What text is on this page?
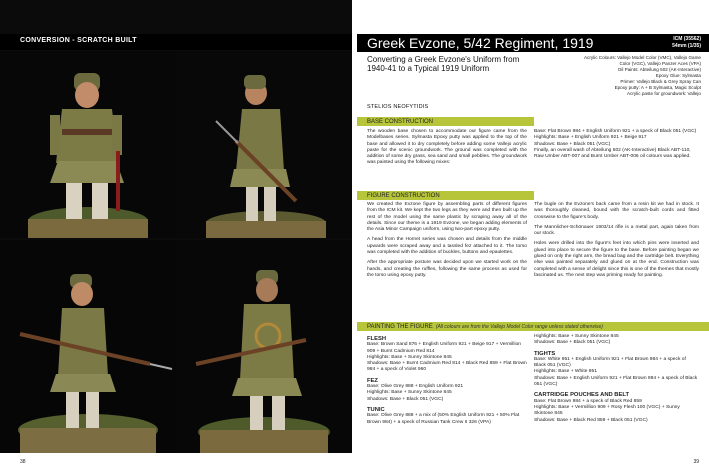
CONVERSION - SCRATCH BUILT
38
Greek Evzone, 5/42 Regiment, 1919	ICM (35562)
54mm (1/35)
Converting a Greek Evzone's Uniform from 1940-41 to a Typical 1919 Uniform
STELIOS NEOFYTIDIS
Acrylic Colours: Vallejo Model Color (VMC), Vallejo Game
Color (VGC), Vallejo Panzer Aces (VPA)
Oil Paints: Abteilung 502 (AK-Interactive)
Epoxy Glue: Sylmasta
Primer: Vallejo Black & Grey Spray Can
Epoxy putty: A + B Sylmasta, Magic Sculpt
Acrylic paste for groundwork: Vallejo
BASE CONSTRUCTION
The wooden base chosen to accommodate our figure came from the Modelbases series. Sylmasta Epoxy putty was applied to the top of the base and allowed it to dry completely before adding some Vallejo acrylic paste for the scenic groundwork. The ground was completed with the addition of some dry grass, sea sand and small pebbles. The groundwork was painted using the following mixes:
Base: Flat Brown 984 + English Uniform 921 + a speck of Black 051 (VGC)
Highlights: Base + English Uniform 921 + Beige 917
Shadows: Base + Black 051 (VGC)
Finally, an overall wash of Abteilung 502 (AK-Interactive) Black ABT-110, Raw Umber ABT-007 and Burnt Umber ABT-006 oil colours was applied.
FIGURE CONSTRUCTION

We created the Evzone figure by assembling parts of different figures from the ICM kit. We kept the two legs as they were and then built up the rest of the model using the same plastic by scraping away all of the details. Since our theme is a 1919 Evzone, we began adding elements of the Asia Minor Campaign uniform, using two-part epoxy putty.

A head from the Hornet series was chosen and details from the middle upwards were scraped away and a tassled fez attached to it. The torso was completed with the addition of buckles, buttons and epaulettes.

After the appropriate posture was decided upon we started work on the hands, and creating the ruffles, following the same process as used for the torso using epoxy putty.

The bugle on the Evzone's back came from a resin kit we had in stock. It was thoroughly cleaned, bound with the scratch-built cords and fitted crosswise to the figure's body.

The Mannlicher-Schönauer 1903/14 rifle is a metal part, again taken from our stock.

Holes were drilled into the figure's feet into which pins were inserted and glued into place to secure the figure to the base. Before painting began we glued on only the right arm, the bread bag and the cartridge belt. Everything else was painted separately and glued on at the end. Construction was completed with a sense of delight since this is one of the themes that mostly fascinated us. The next step was priming ready for painting.

PAINTING THE FIGURE (All colours are from the Vallejo Model Color range unless stated otherwise)
FLESH
Base: Brown Sand 876 + English Uniform 921 + Beige 917 + Vermillion 909 + Burnt Cadmium Red 814
Highlights: Base + Sunny Skintone 845
Shadows: Base + Burnt Cadmium Red 814 + Black Red 859 + Flat Brown 984 + a speck of Violet 960
FEZ
Base: Olive Grey 888 + English Uniform 921
Highlights: Base + Sunny Skintone 845
Shadows: Base + Black 051 (VGC)
TUNIC
Base: Olive Grey 888 + a mix of (50% English Uniform 921 + 50% Flat Brown 984) + a speck of Russian Tank Crew II 326 (VPA)
Highlights: Base + Sunny Skintone 845
Shadows: Base + Black 051 (VGC)
TIGHTS
Base: White 951 + English Uniform 921 + Flat Brown 984 + a speck of Black 051 (VGC)
Highlights: Base + White 951
Shadows: Base + English Uniform 921 + Flat Brown 984 + a speck of Black 051 (VGC)
CARTRIDGE POUCHES AND BELT
Base: Flat Brown 984 + a speck of Black Red 859
Highlights: Base + Vermillion 909 + Rosy Flesh 100 (VGC) + Sunny Skintone 845
Shadows: Base + Black Red 859 + Black 051 (VGC)
39
